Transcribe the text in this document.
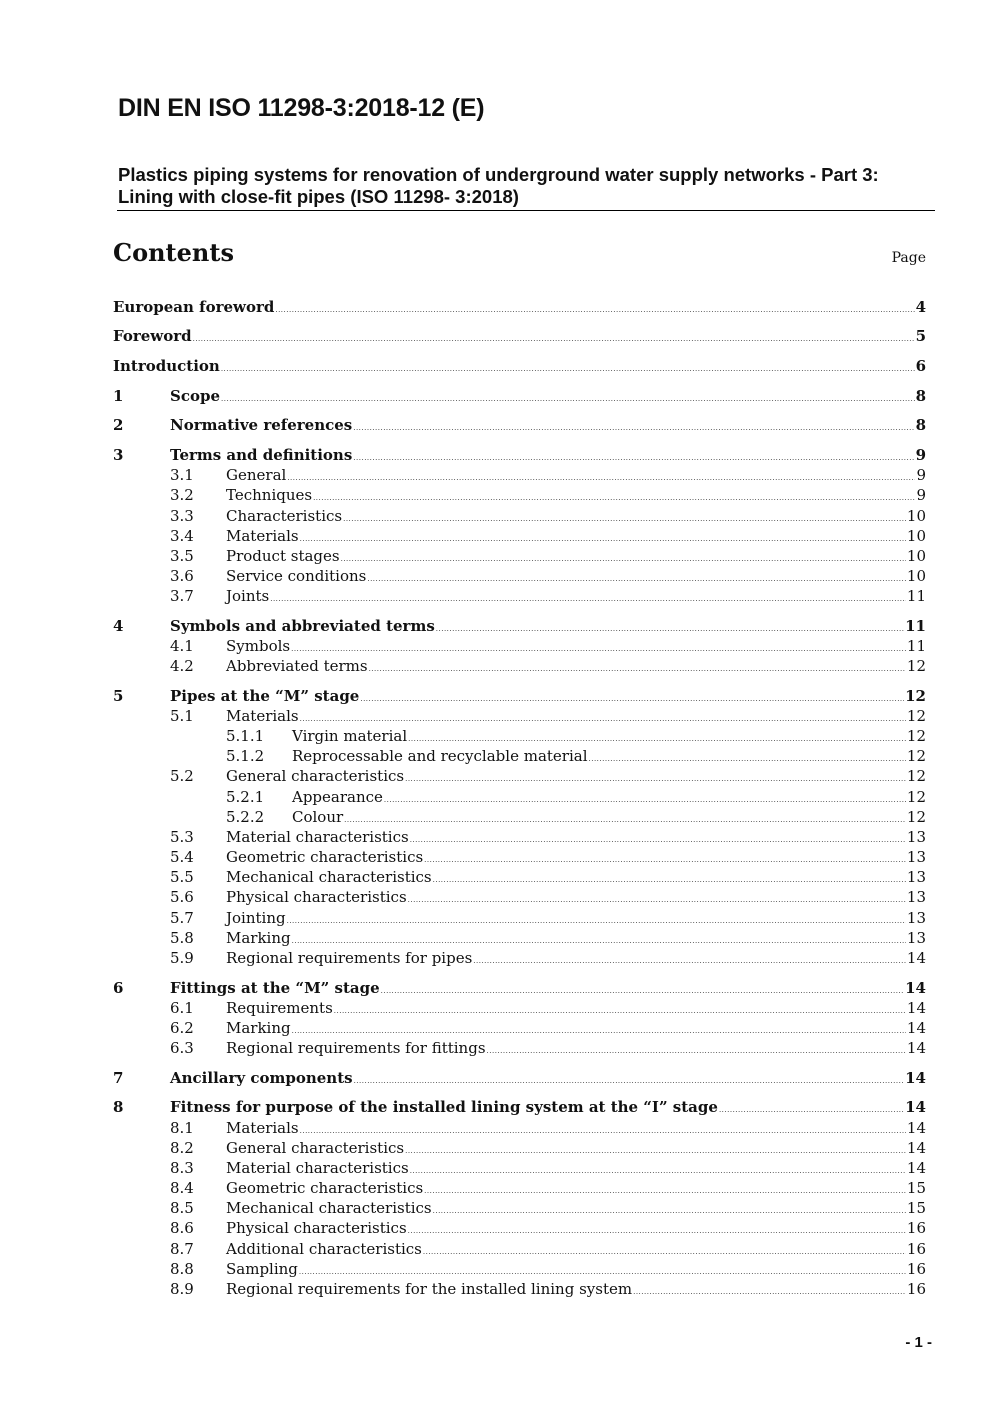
DIN EN ISO 11298-3:2018-12 (E)
Plastics piping systems for renovation of underground water supply networks - Part 3: Lining with close-fit pipes (ISO 11298- 3:2018)
Contents	Page
European foreword .....	4
Foreword .....	5
Introduction .....	6
1	Scope .....	8
2	Normative references .....	8
3	Terms and definitions .....	9
3.1	General .....	9
3.2	Techniques .....	9
3.3	Characteristics .....	10
3.4	Materials .....	10
3.5	Product stages .....	10
3.6	Service conditions .....	10
3.7	Joints .....	11
4	Symbols and abbreviated terms .....	11
4.1	Symbols .....	11
4.2	Abbreviated terms .....	12
5	Pipes at the “M” stage .....	12
5.1	Materials .....	12
5.1.1	Virgin material .....	12
5.1.2	Reprocessable and recyclable material .....	12
5.2	General characteristics .....	12
5.2.1	Appearance .....	12
5.2.2	Colour .....	12
5.3	Material characteristics .....	13
5.4	Geometric characteristics .....	13
5.5	Mechanical characteristics .....	13
5.6	Physical characteristics .....	13
5.7	Jointing .....	13
5.8	Marking .....	13
5.9	Regional requirements for pipes .....	14
6	Fittings at the “M” stage .....	14
6.1	Requirements .....	14
6.2	Marking .....	14
6.3	Regional requirements for fittings .....	14
7	Ancillary components .....	14
8	Fitness for purpose of the installed lining system at the “I” stage .....	14
8.1	Materials .....	14
8.2	General characteristics .....	14
8.3	Material characteristics .....	14
8.4	Geometric characteristics .....	15
8.5	Mechanical characteristics .....	15
8.6	Physical characteristics .....	16
8.7	Additional characteristics .....	16
8.8	Sampling .....	16
8.9	Regional requirements for the installed lining system .....	16
- 1 -
